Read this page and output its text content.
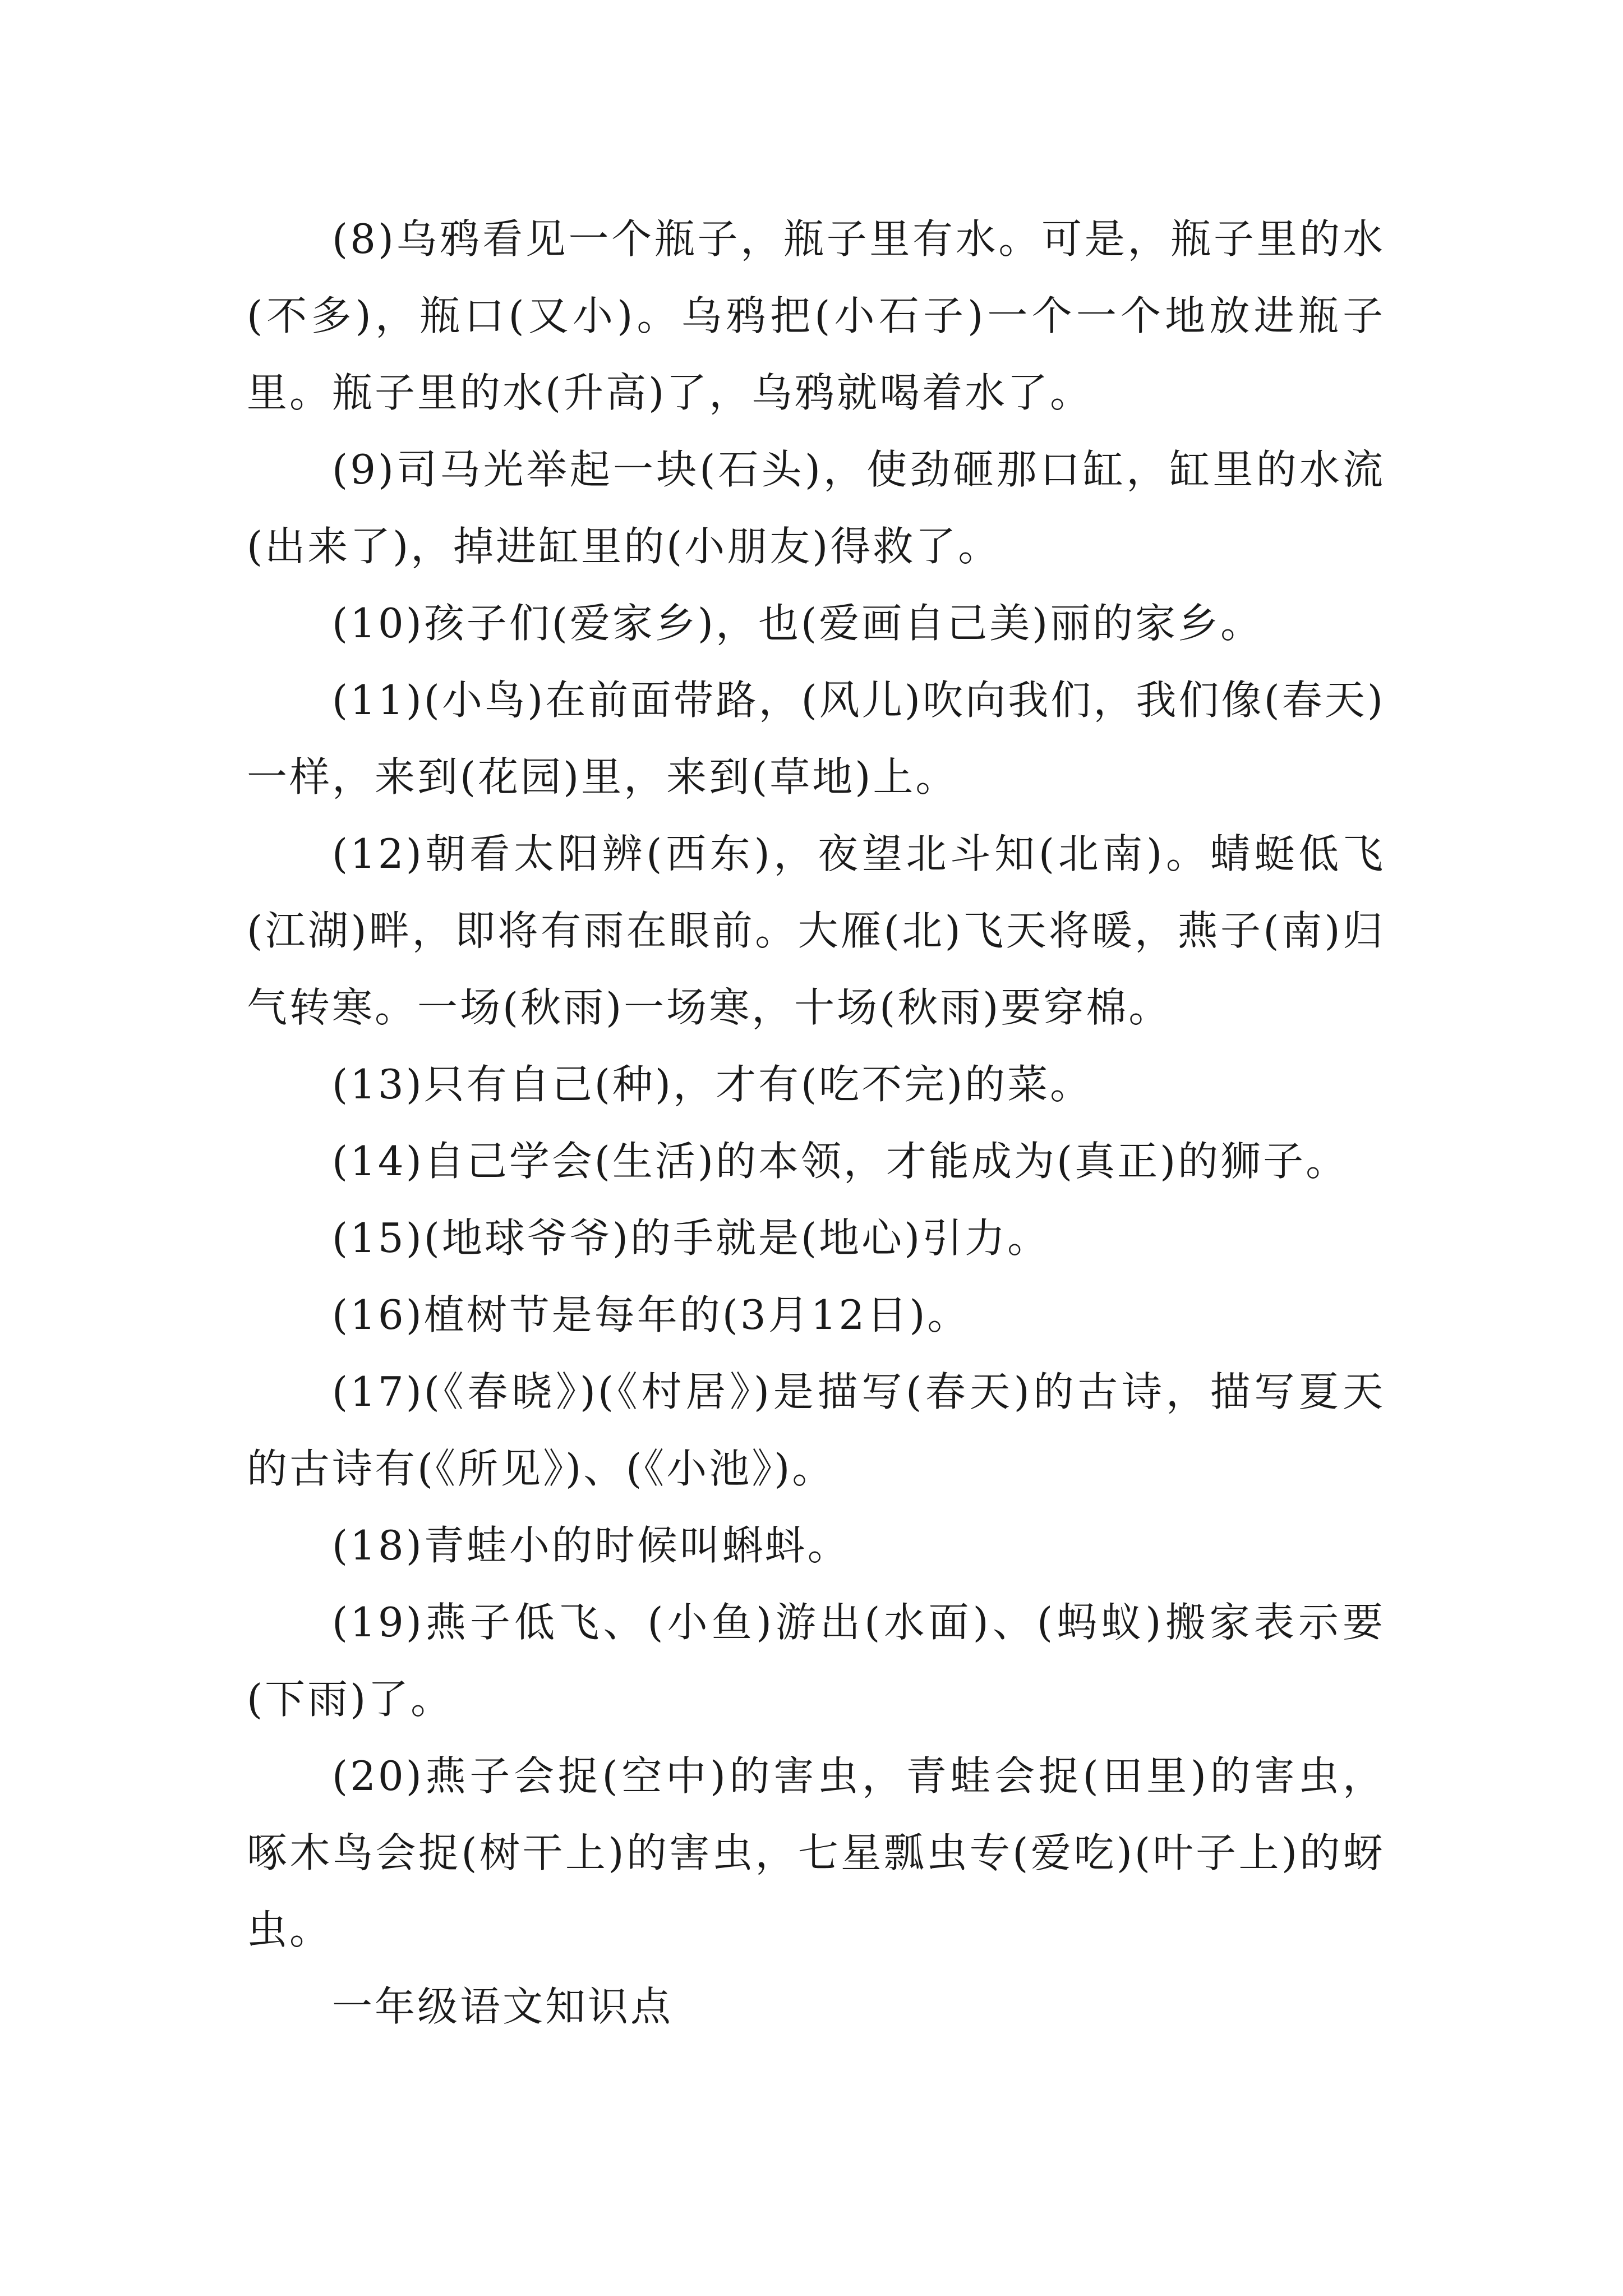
(8)乌鸦看见一个瓶子，瓶子里有水。可是，瓶子里的水(不多)，瓶口(又小)。乌鸦把(小石子)一个一个地放进瓶子里。瓶子里的水(升高)了，乌鸦就喝着水了。

(9)司马光举起一块(石头)，使劲砸那口缸，缸里的水流(出来了)，掉进缸里的(小朋友)得救了。

(10)孩子们(爱家乡)，也(爱画自己美)丽的家乡。

(11)(小鸟)在前面带路，(风儿)吹向我们，我们像(春天)一样，来到(花园)里，来到(草地)上。

(12)朝看太阳辨(西东)，夜望北斗知(北南)。蜻蜓低飞(江湖)畔，即将有雨在眼前。大雁(北)飞天将暖，燕子(南)归气转寒。一场(秋雨)一场寒，十场(秋雨)要穿棉。

(13)只有自己(种)，才有(吃不完)的菜。

(14)自己学会(生活)的本领，才能成为(真正)的狮子。

(15)(地球爷爷)的手就是(地心)引力。

(16)植树节是每年的(3月12日)。

(17)(《春晓》)(《村居》)是描写(春天)的古诗，描写夏天的古诗有(《所见》)、(《小池》)。

(18)青蛙小的时候叫蝌蚪。

(19)燕子低飞、(小鱼)游出(水面)、(蚂蚁)搬家表示要(下雨)了。

(20)燕子会捉(空中)的害虫，青蛙会捉(田里)的害虫，啄木鸟会捉(树干上)的害虫，七星瓢虫专(爱吃)(叶子上)的蚜虫。

一年级语文知识点
